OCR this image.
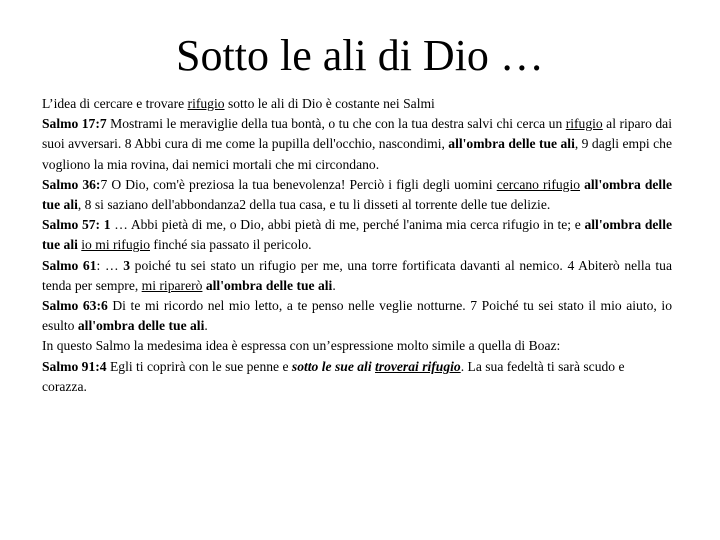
Sotto le ali di Dio …

L’idea di cercare e trovare rifugio sotto le ali di Dio è costante nei Salmi

Salmo 17:7 Mostrami le meraviglie della tua bontà, o tu che con la tua destra salvi chi cerca un rifugio al riparo dai suoi avversari. 8 Abbi cura di me come la pupilla dell'occhio, nascondimi, all'ombra delle tue ali, 9 dagli empi che vogliono la mia rovina, dai nemici mortali che mi circondano.

Salmo 36:7 O Dio, com'è preziosa la tua benevolenza! Perciò i figli degli uomini cercano rifugio all'ombra delle tue ali, 8 si saziano dell'abbondanza2 della tua casa, e tu li disseti al torrente delle tue delizie.

Salmo 57: 1 … Abbi pietà di me, o Dio, abbi pietà di me, perché l'anima mia cerca rifugio in te; e all'ombra delle tue ali io mi rifugio finché sia passato il pericolo.

Salmo 61: … 3 poiché tu sei stato un rifugio per me, una torre fortificata davanti al nemico. 4 Abiterò nella tua tenda per sempre, mi riparerò all'ombra delle tue ali.

Salmo 63:6 Di te mi ricordo nel mio letto, a te penso nelle veglie notturne. 7 Poiché tu sei stato il mio aiuto, io esulto all'ombra delle tue ali.

In questo Salmo la medesima idea è espressa con un’espressione molto simile a quella di Boaz:

Salmo 91:4 Egli ti coprirà con le sue penne e sotto le sue ali troverai rifugio. La sua fedeltà ti sarà scudo e corazza.
